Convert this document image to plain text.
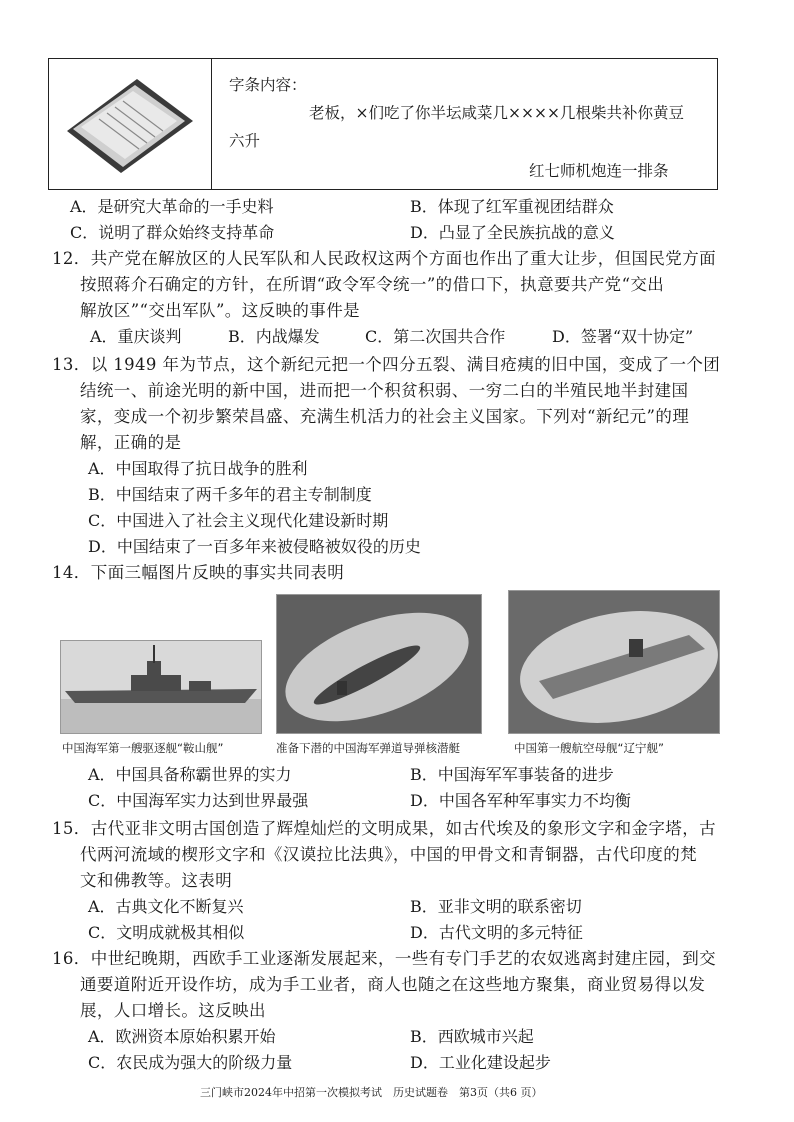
字条内容：
老板，×们吃了你半坛咸菜几××××几根柴共补你黄豆
六升
红七师机炮连一排条
A．是研究大革命的一手史料	B．体现了红军重视团结群众
C．说明了群众始终支持革命	D．凸显了全民族抗战的意义
12．共产党在解放区的人民军队和人民政权这两个方面也作出了重大让步，但国民党方面
按照蒋介石确定的方针，在所谓“政令军令统一”的借口下，执意要共产党“交出
解放区”“交出军队”。这反映的事件是
A．重庆谈判	B．内战爆发	C．第二次国共合作	D．签署“双十协定”
13．以 1949 年为节点，这个新纪元把一个四分五裂、满目疮痍的旧中国，变成了一个团
结统一、前途光明的新中国，进而把一个积贫积弱、一穷二白的半殖民地半封建国
家，变成一个初步繁荣昌盛、充满生机活力的社会主义国家。下列对“新纪元”的理
解，正确的是
A．中国取得了抗日战争的胜利
B．中国结束了两千多年的君主专制制度
C．中国进入了社会主义现代化建设新时期
D．中国结束了一百多年来被侵略被奴役的历史
14．下面三幅图片反映的事实共同表明
中国海军第一艘驱逐舰“鞍山舰”	准备下潜的中国海军弹道导弹核潜艇	中国第一艘航空母舰“辽宁舰”
A．中国具备称霸世界的实力	B．中国海军军事装备的进步
C．中国海军实力达到世界最强	D．中国各军种军事实力不均衡
15．古代亚非文明古国创造了辉煌灿烂的文明成果，如古代埃及的象形文字和金字塔，古
代两河流域的楔形文字和《汉谟拉比法典》，中国的甲骨文和青铜器，古代印度的梵
文和佛教等。这表明
A．古典文化不断复兴	B．亚非文明的联系密切
C．文明成就极其相似	D．古代文明的多元特征
16．中世纪晚期，西欧手工业逐渐发展起来，一些有专门手艺的农奴逃离封建庄园，到交
通要道附近开设作坊，成为手工业者，商人也随之在这些地方聚集，商业贸易得以发
展，人口增长。这反映出
A．欧洲资本原始积累开始	B．西欧城市兴起
C．农民成为强大的阶级力量	D．工业化建设起步
三门峡市2024年中招第一次模拟考试　历史试题卷　第3页（共6 页）
